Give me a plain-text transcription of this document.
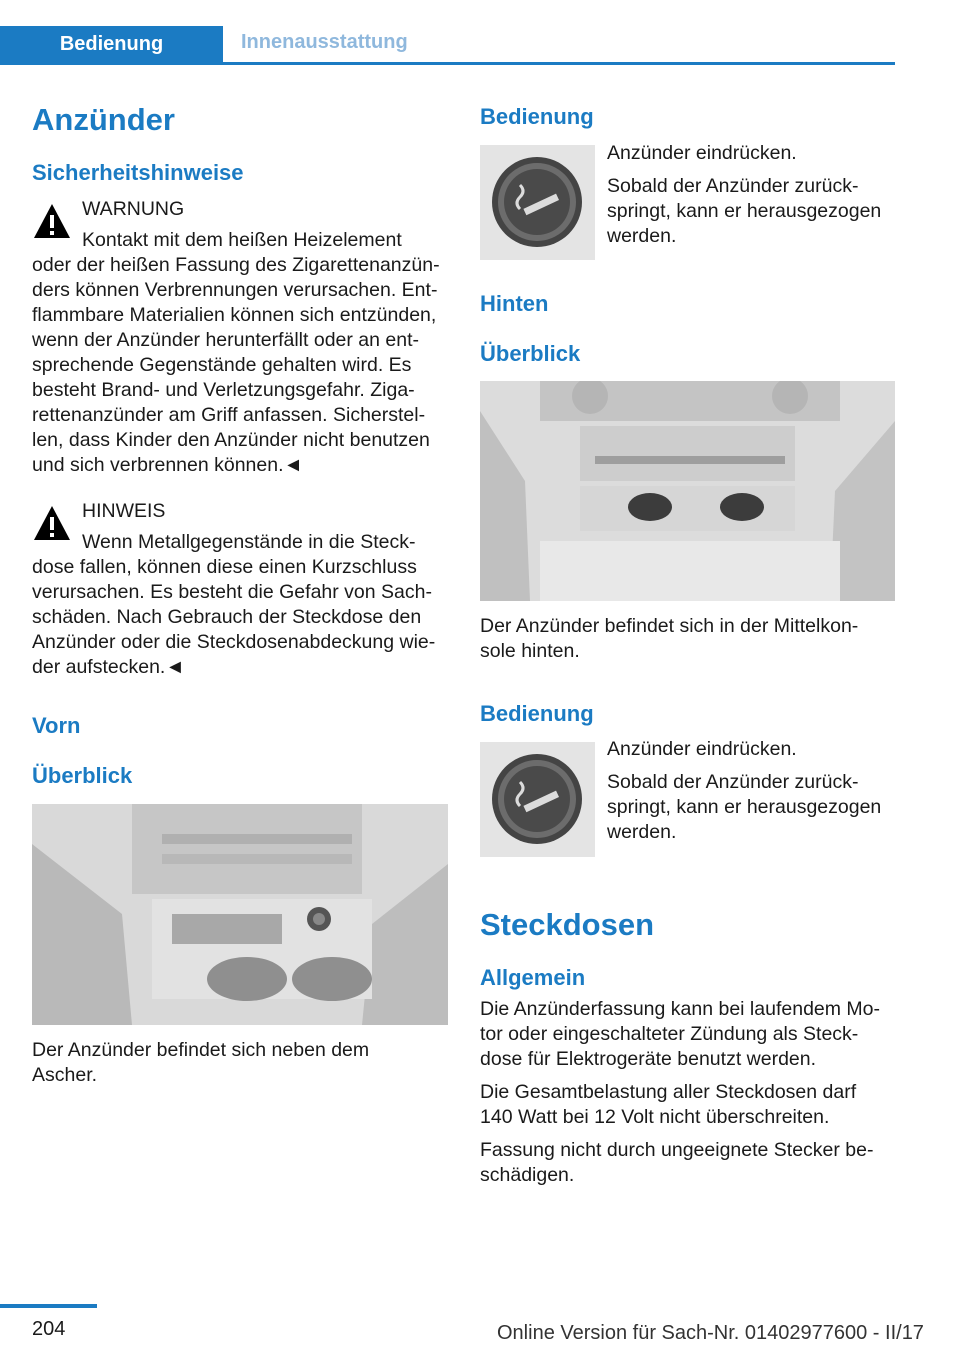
Bedienung	Innenausstattung
Anzünder
Sicherheitshinweise

WARNUNG

Kontakt mit dem heißen Heizelement

oder der heißen Fassung des Zigarettenanzün-

ders können Verbrennungen verursachen. Ent-

flammbare Materialien können sich entzünden,

wenn der Anzünder herunterfällt oder an ent-

sprechende Gegenstände gehalten wird. Es

besteht Brand- und Verletzungsgefahr. Ziga-

rettenanzünder am Griff anfassen. Sicherstel-

len, dass Kinder den Anzünder nicht benutzen

und sich verbrennen können.◄

HINWEIS

Wenn Metallgegenstände in die Steck-

dose fallen, können diese einen Kurzschluss

verursachen. Es besteht die Gefahr von Sach-

schäden. Nach Gebrauch der Steckdose den

Anzünder oder die Steckdosenabdeckung wie-

der aufstecken.◄

Vorn
Überblick

Der Anzünder befindet sich neben dem

Ascher.

Bedienung

Anzünder eindrücken.

Sobald der Anzünder zurück-

springt, kann er herausgezogen

werden.

Hinten
Überblick

Der Anzünder befindet sich in der Mittelkon-

sole hinten.

Bedienung

Anzünder eindrücken.

Sobald der Anzünder zurück-

springt, kann er herausgezogen

werden.

Steckdosen
Allgemein

Die Anzünderfassung kann bei laufendem Mo-

tor oder eingeschalteter Zündung als Steck-

dose für Elektrogeräte benutzt werden.

Die Gesamtbelastung aller Steckdosen darf

140 Watt bei 12 Volt nicht überschreiten.

Fassung nicht durch ungeeignete Stecker be-

schädigen.

204	Online Version für Sach-Nr. 01402977600 - II/17
